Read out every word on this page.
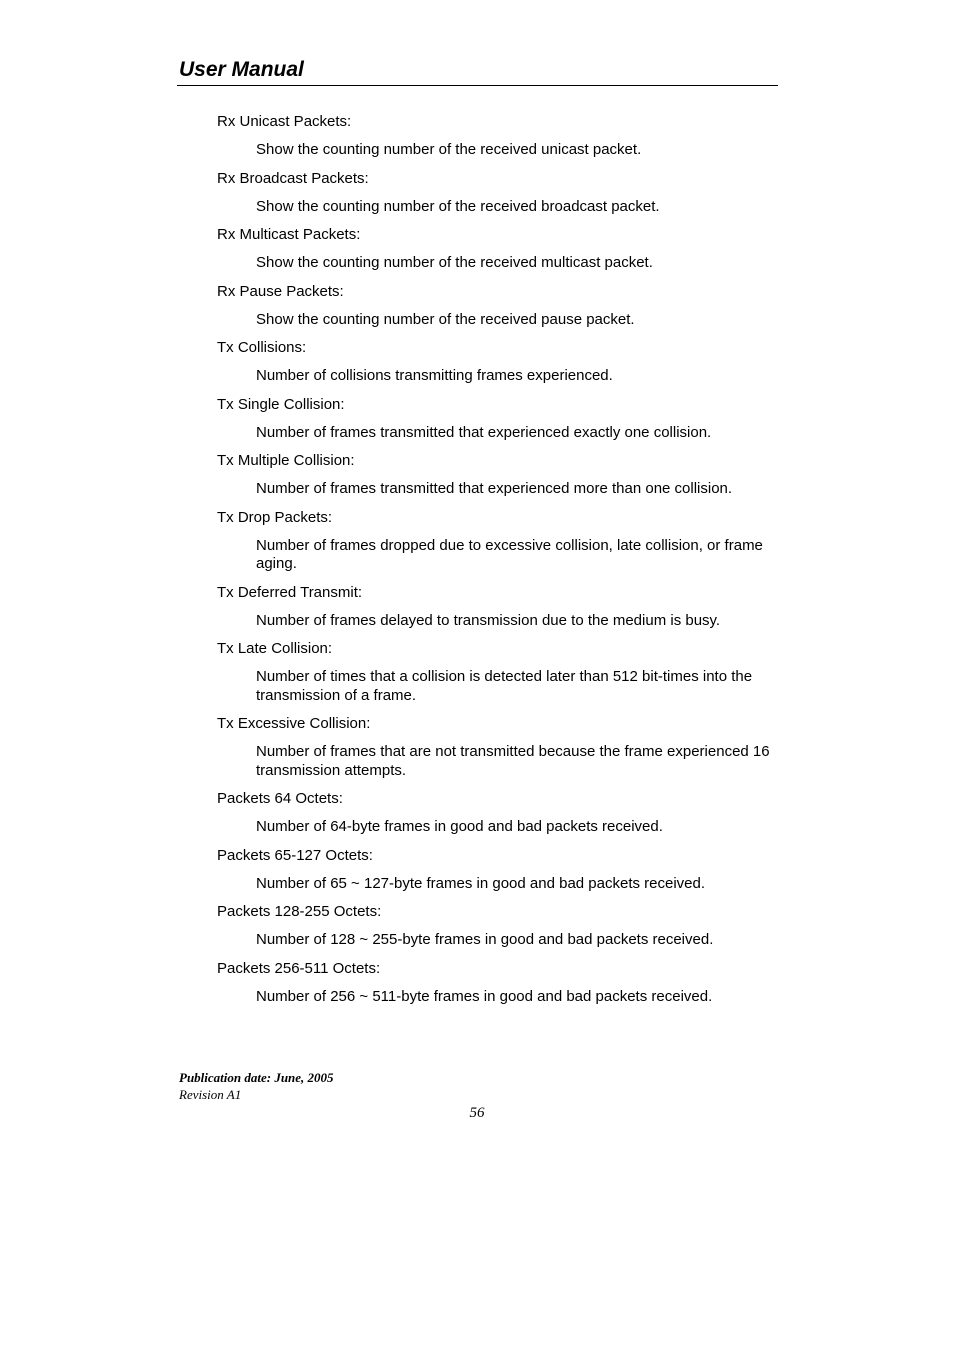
User Manual
Rx Unicast Packets:
Show the counting number of the received unicast packet.
Rx Broadcast Packets:
Show the counting number of the received broadcast packet.
Rx Multicast Packets:
Show the counting number of the received multicast packet.
Rx Pause Packets:
Show the counting number of the received pause packet.
Tx Collisions:
Number of collisions transmitting frames experienced.
Tx Single Collision:
Number of frames transmitted that experienced exactly one collision.
Tx Multiple Collision:
Number of frames transmitted that experienced more than one collision.
Tx Drop Packets:
Number of frames dropped due to excessive collision, late collision, or frame aging.
Tx Deferred Transmit:
Number of frames delayed to transmission due to the medium is busy.
Tx Late Collision:
Number of times that a collision is detected later than 512 bit-times into the transmission of a frame.
Tx Excessive Collision:
Number of frames that are not transmitted because the frame experienced 16 transmission attempts.
Packets 64 Octets:
Number of 64-byte frames in good and bad packets received.
Packets 65-127 Octets:
Number of 65 ~ 127-byte frames in good and bad packets received.
Packets 128-255 Octets:
Number of 128 ~ 255-byte frames in good and bad packets received.
Packets 256-511 Octets:
Number of 256 ~ 511-byte frames in good and bad packets received.
Publication date: June, 2005
Revision A1
56
